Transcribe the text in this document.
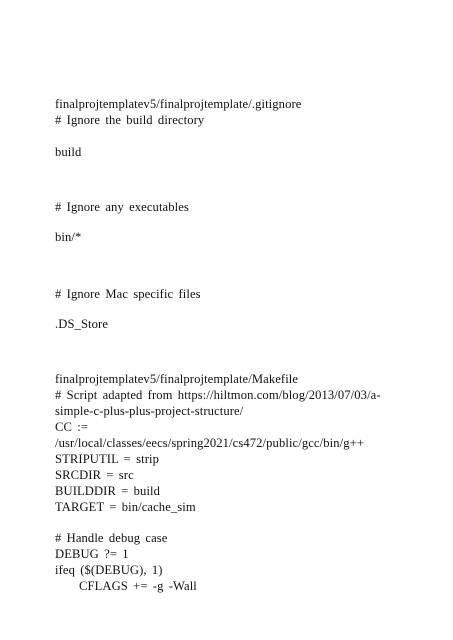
finalprojtemplatev5/finalprojtemplate/.gitignore
# Ignore the build directory
build
# Ignore any executables
bin/*
# Ignore Mac specific files
.DS_Store
finalprojtemplatev5/finalprojtemplate/Makefile
# Script adapted from https://hiltmon.com/blog/2013/07/03/a-
simple-c-plus-plus-project-structure/
CC :=
/usr/local/classes/eecs/spring2021/cs472/public/gcc/bin/g++
STRIPUTIL = strip
SRCDIR = src
BUILDDIR = build
TARGET = bin/cache_sim
# Handle debug case
DEBUG ?= 1
ifeq ($(DEBUG), 1)
CFLAGS += -g -Wall
